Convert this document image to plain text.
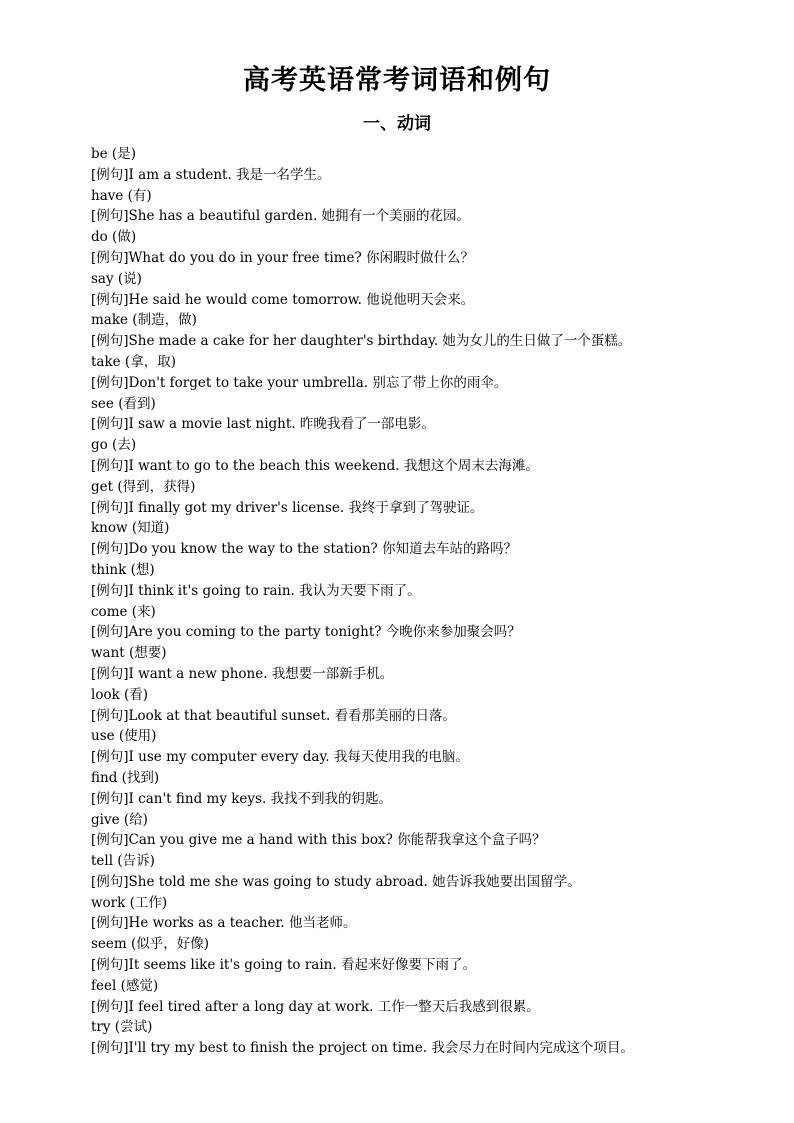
高考英语常考词语和例句
一、动词
be (是)
[例句]I am a student. 我是一名学生。
have (有)
[例句]She has a beautiful garden. 她拥有一个美丽的花园。
do (做)
[例句]What do you do in your free time? 你闲暇时做什么？
say (说)
[例句]He said he would come tomorrow. 他说他明天会来。
make (制造，做)
[例句]She made a cake for her daughter's birthday. 她为女儿的生日做了一个蛋糕。
take (拿，取)
[例句]Don't forget to take your umbrella. 别忘了带上你的雨伞。
see (看到)
[例句]I saw a movie last night. 昨晚我看了一部电影。
go (去)
[例句]I want to go to the beach this weekend. 我想这个周末去海滩。
get (得到，获得)
[例句]I finally got my driver's license. 我终于拿到了驾驶证。
know (知道)
[例句]Do you know the way to the station? 你知道去车站的路吗？
think (想)
[例句]I think it's going to rain. 我认为天要下雨了。
come (来)
[例句]Are you coming to the party tonight? 今晚你来参加聚会吗？
want (想要)
[例句]I want a new phone. 我想要一部新手机。
look (看)
[例句]Look at that beautiful sunset. 看看那美丽的日落。
use (使用)
[例句]I use my computer every day. 我每天使用我的电脑。
find (找到)
[例句]I can't find my keys. 我找不到我的钥匙。
give (给)
[例句]Can you give me a hand with this box? 你能帮我拿这个盒子吗？
tell (告诉)
[例句]She told me she was going to study abroad. 她告诉我她要出国留学。
work (工作)
[例句]He works as a teacher. 他当老师。
seem (似乎，好像)
[例句]It seems like it's going to rain. 看起来好像要下雨了。
feel (感觉)
[例句]I feel tired after a long day at work. 工作一整天后我感到很累。
try (尝试)
[例句]I'll try my best to finish the project on time. 我会尽力在时间内完成这个项目。
